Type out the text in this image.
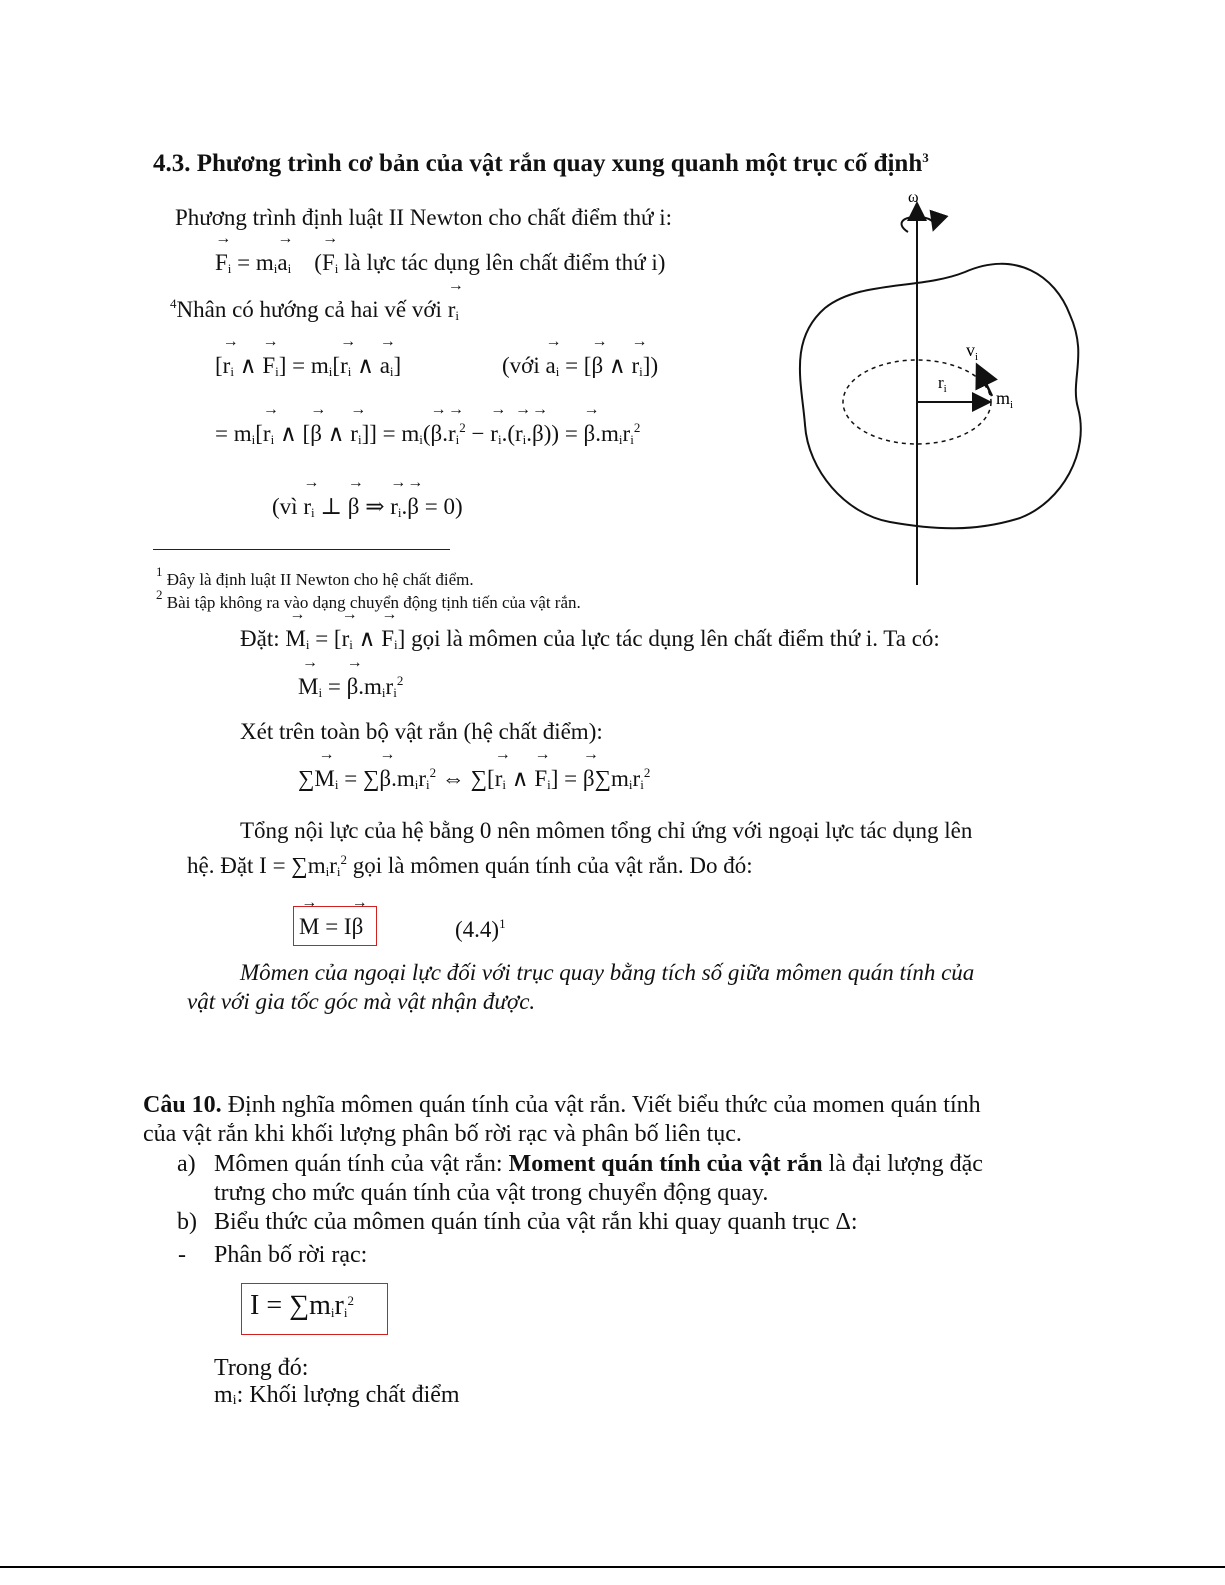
4.3. Phương trình cơ bản của vật rắn quay xung quanh một trục cố định$^3$
Phương trình định luật II Newton cho chất điểm thứ i:
→ $F_i = m_i\to a_i$    (→ $F_i$ là lực tác dụng lên chất điểm thứ i)
$^4$Nhân có hướng cả hai vế với → $r_i$
[→ $r_i$ ∧ → $F_i] = m_i[\to r_i$ ∧ → $a_i$]	(với → $a_i$ = [→ β ∧ → $r_i$])
= $m_i[\to r_i$ ∧ [→ β ∧ → $r_i]] = m_i(\to \beta.\to r_i^2$ − → $r_i.(\to r_i.\to \beta)$) = → $\beta.m_ir_i^2$
(vì → $r_i$ ⊥ → β ⇒ → $r_i.\to \beta = 0$)
$^1$ Đây là định luật II Newton cho hệ chất điểm.
$^2$ Bài tập không ra vào dạng chuyển động tịnh tiến của vật rắn.
Đặt: → $M_i$ = [→ $r_i$ ∧ → $F_i$] gọi là mômen của lực tác dụng lên chất điểm thứ i. Ta có:
→ $M_i$ = → $\beta.m_ir_i^2$
Xét trên toàn bộ vật rắn (hệ chất điểm):
∑→ $M_i$ = ∑→ $\beta.m_ir_i^2$ ⇔ ∑[→ $r_i$ ∧ → $F_i$] = → $\beta\sum m_ir_i^2$
Tổng nội lực của hệ bằng 0 nên mômen tổng chỉ ứng với ngoại lực tác dụng lên
hệ. Đặt $I = \sum m_ir_i^2$ gọi là mômen quán tính của vật rắn. Do đó:
→ M = I→ β	$(4.4)^1$
Mômen của ngoại lực đối với trục quay bằng tích số giữa mômen quán tính của
vật với gia tốc góc mà vật nhận được.
ω
$v_i$
$r_i$	$m_i$
Câu 10. Định nghĩa mômen quán tính của vật rắn. Viết biểu thức của momen quán tính
của vật rắn khi khối lượng phân bố rời rạc và phân bố liên tục.
a) Mômen quán tính của vật rắn: Moment quán tính của vật rắn là đại lượng đặc
trưng cho mức quán tính của vật trong chuyển động quay.
b) Biểu thức của mômen quán tính của vật rắn khi quay quanh trục Δ:
- Phân bố rời rạc:
$I = \sum m_ir_i^2$
Trong đó:
mᵢ: Khối lượng chất điểm
